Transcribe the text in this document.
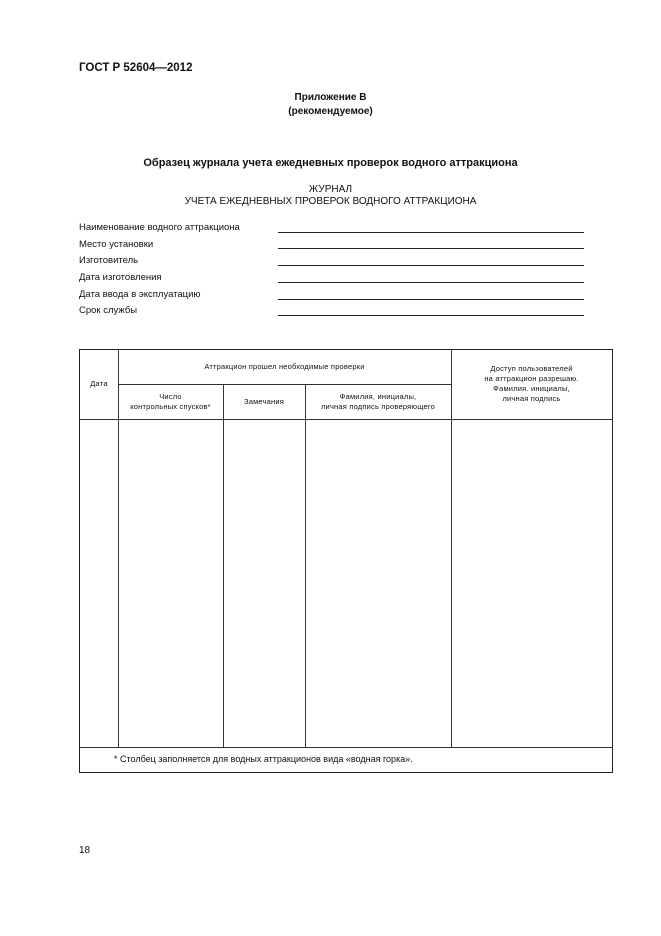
ГОСТ Р 52604—2012
Приложение В
(рекомендуемое)
Образец журнала учета ежедневных проверок водного аттракциона
ЖУРНАЛ
УЧЕТА ЕЖЕДНЕВНЫХ ПРОВЕРОК ВОДНОГО АТТРАКЦИОНА
Наименование водного аттракциона
Место установки
Изготовитель
Дата изготовления
Дата ввода в эксплуатацию
Срок службы
Дата
Аттракцион прошел необходимые проверки
Число
контрольных спусков*
Замечания
Фамилия, инициалы,
личная подпись проверяющего
Доступ пользователей
на аттракцион разрешаю.
Фамилия. инициалы,
личная подпись
* Столбец заполняется для водных аттракционов вида «водная горка».
18
